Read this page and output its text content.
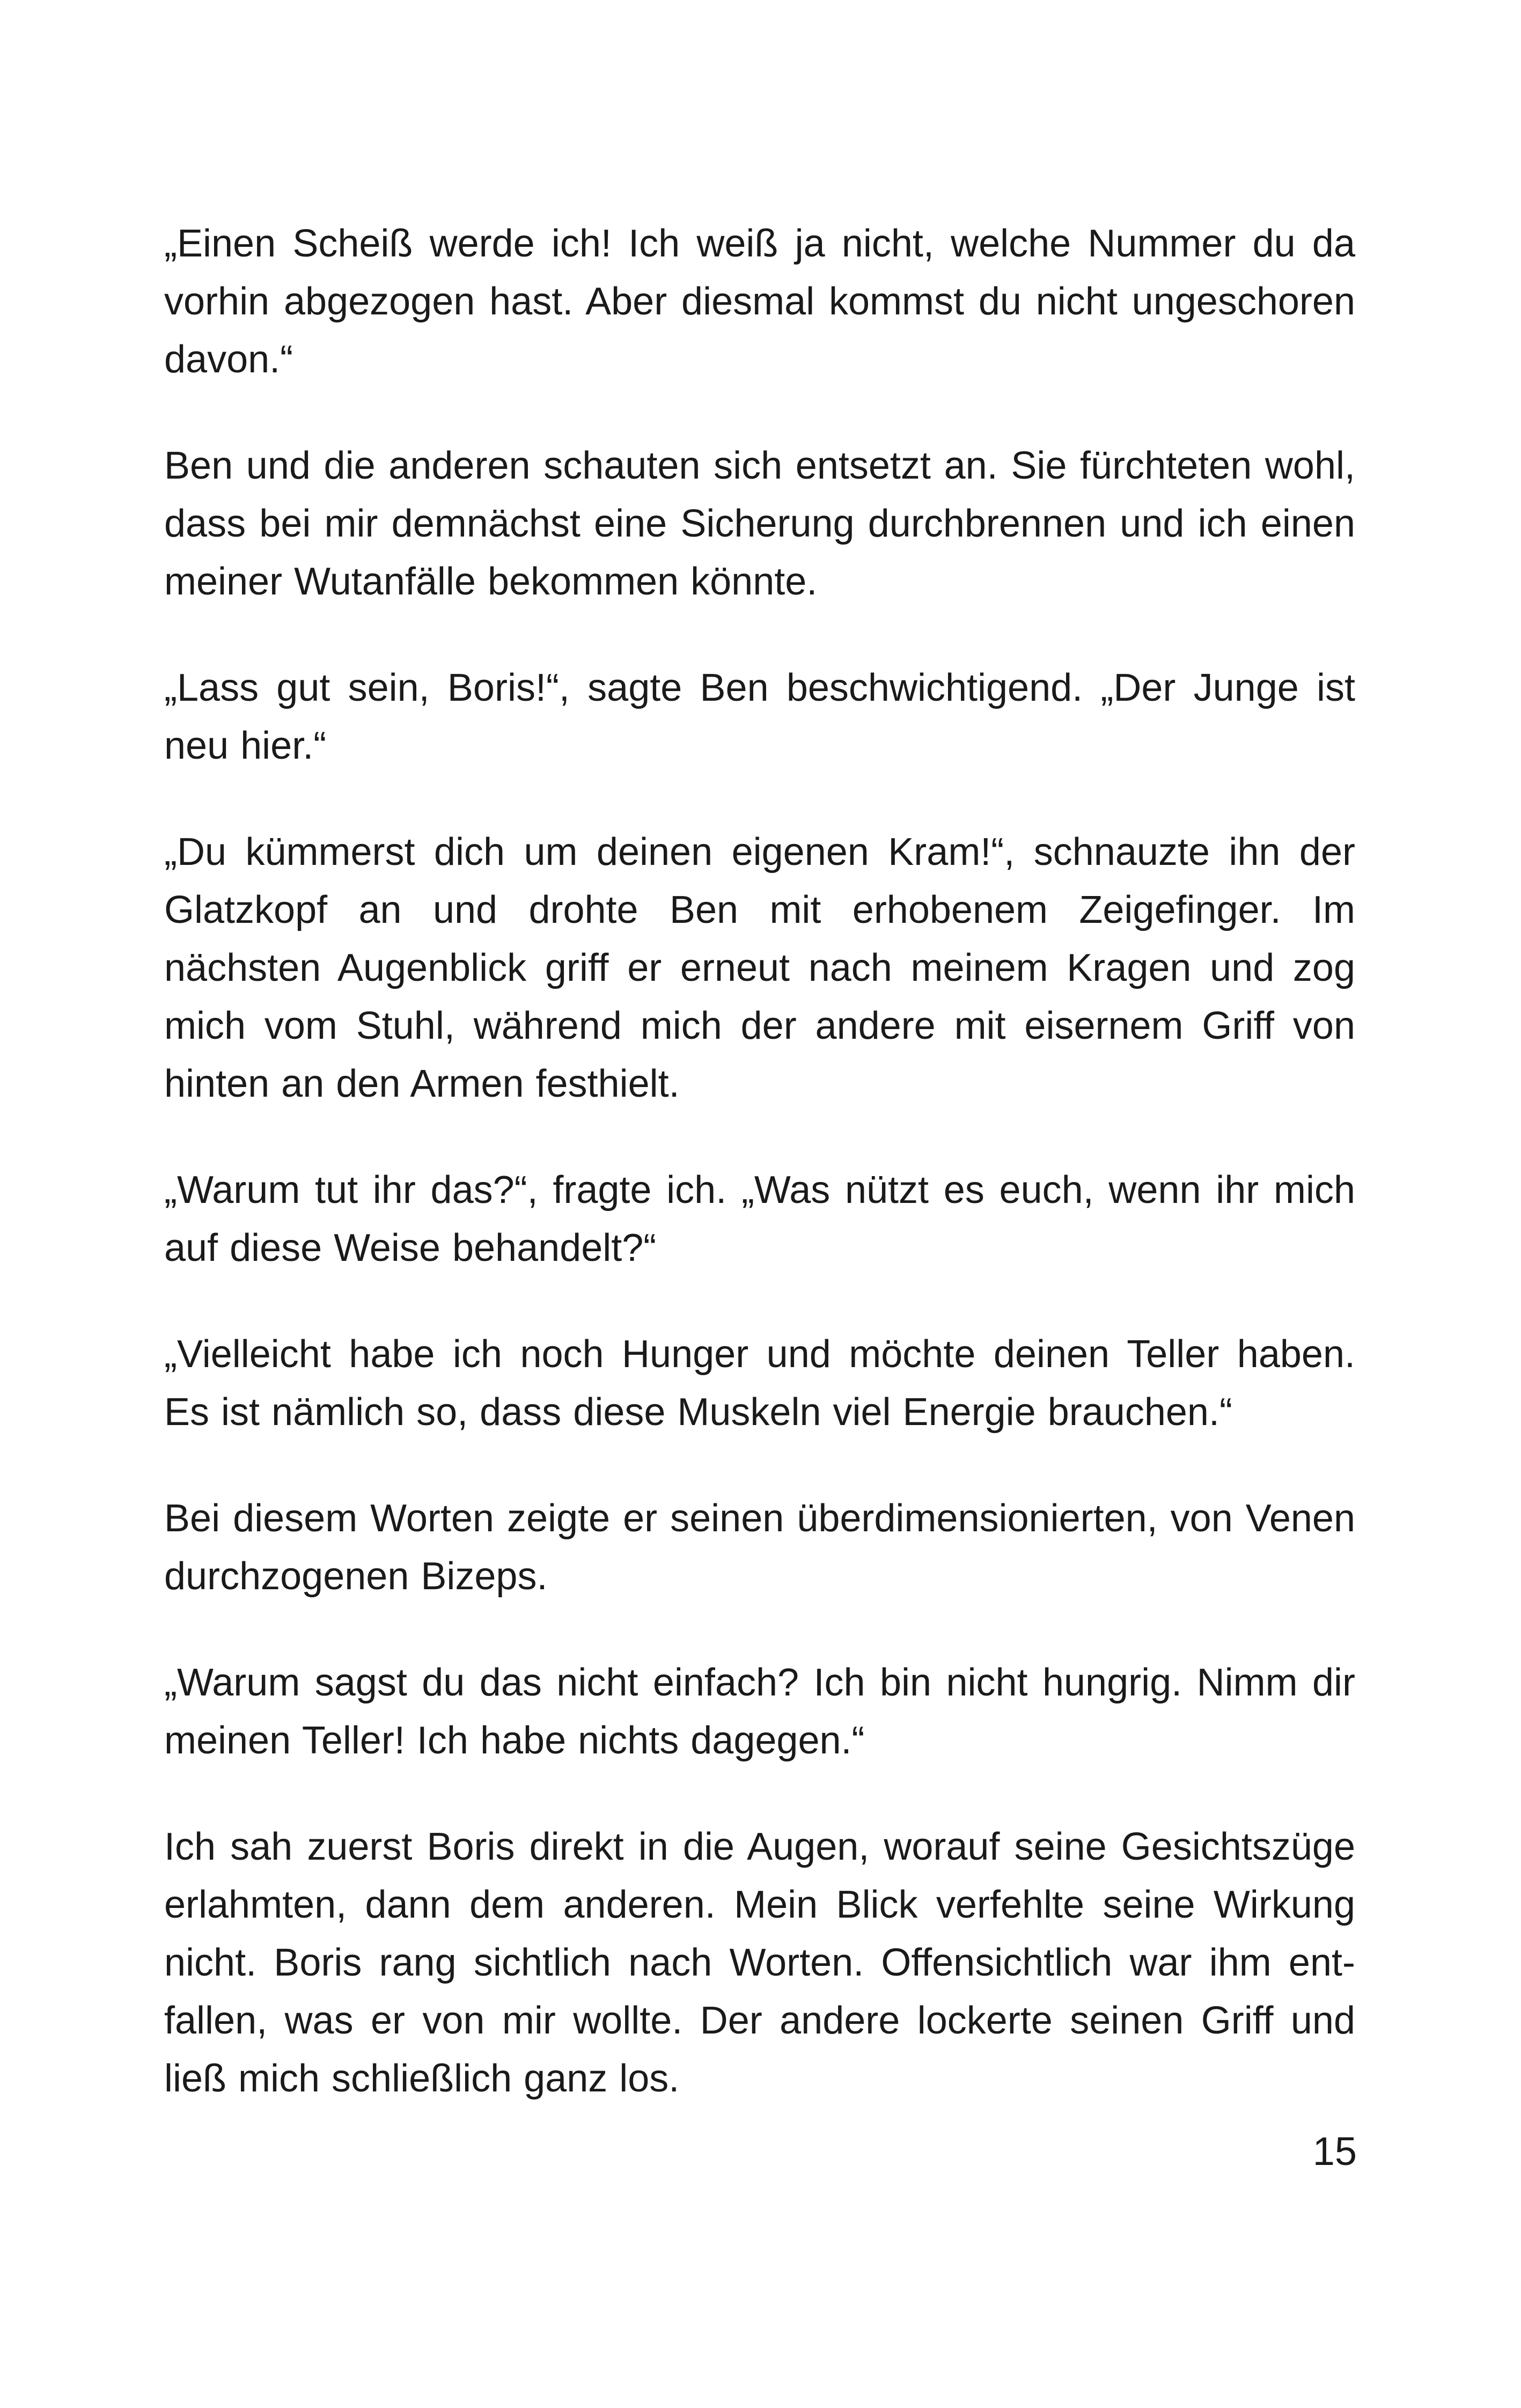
„Einen Scheiß werde ich! Ich weiß ja nicht, welche Nummer du da vorhin abgezogen hast. Aber diesmal kommst du nicht ungeschoren davon.“

Ben und die anderen schauten sich entsetzt an. Sie fürchteten wohl, dass bei mir demnächst eine Sicherung durchbrennen und ich einen meiner Wutanfälle bekommen könnte.

„Lass gut sein, Boris!“, sagte Ben beschwichtigend. „Der Junge ist neu hier.“

„Du kümmerst dich um deinen eigenen Kram!“, schnauzte ihn der Glatzkopf an und drohte Ben mit erhobenem Zeigefinger. Im nächsten Augenblick griff er erneut nach meinem Kragen und zog mich vom Stuhl, während mich der andere mit eisernem Griff von hinten an den Armen festhielt.

„Warum tut ihr das?“, fragte ich. „Was nützt es euch, wenn ihr mich auf diese Weise behandelt?“

„Vielleicht habe ich noch Hunger und möchte deinen Teller haben. Es ist nämlich so, dass diese Muskeln viel Energie brauchen.“

Bei diesem Worten zeigte er seinen überdimensionierten, von Venen durchzogenen Bizeps.

„Warum sagst du das nicht einfach? Ich bin nicht hungrig. Nimm dir meinen Teller! Ich habe nichts dagegen.“

Ich sah zuerst Boris direkt in die Augen, worauf seine Gesichtszüge erlahmten, dann dem anderen. Mein Blick verfehlte seine Wirkung nicht. Boris rang sichtlich nach Worten. Offensichtlich war ihm entfallen, was er von mir wollte. Der andere lockerte seinen Griff und ließ mich schließlich ganz los.

15
